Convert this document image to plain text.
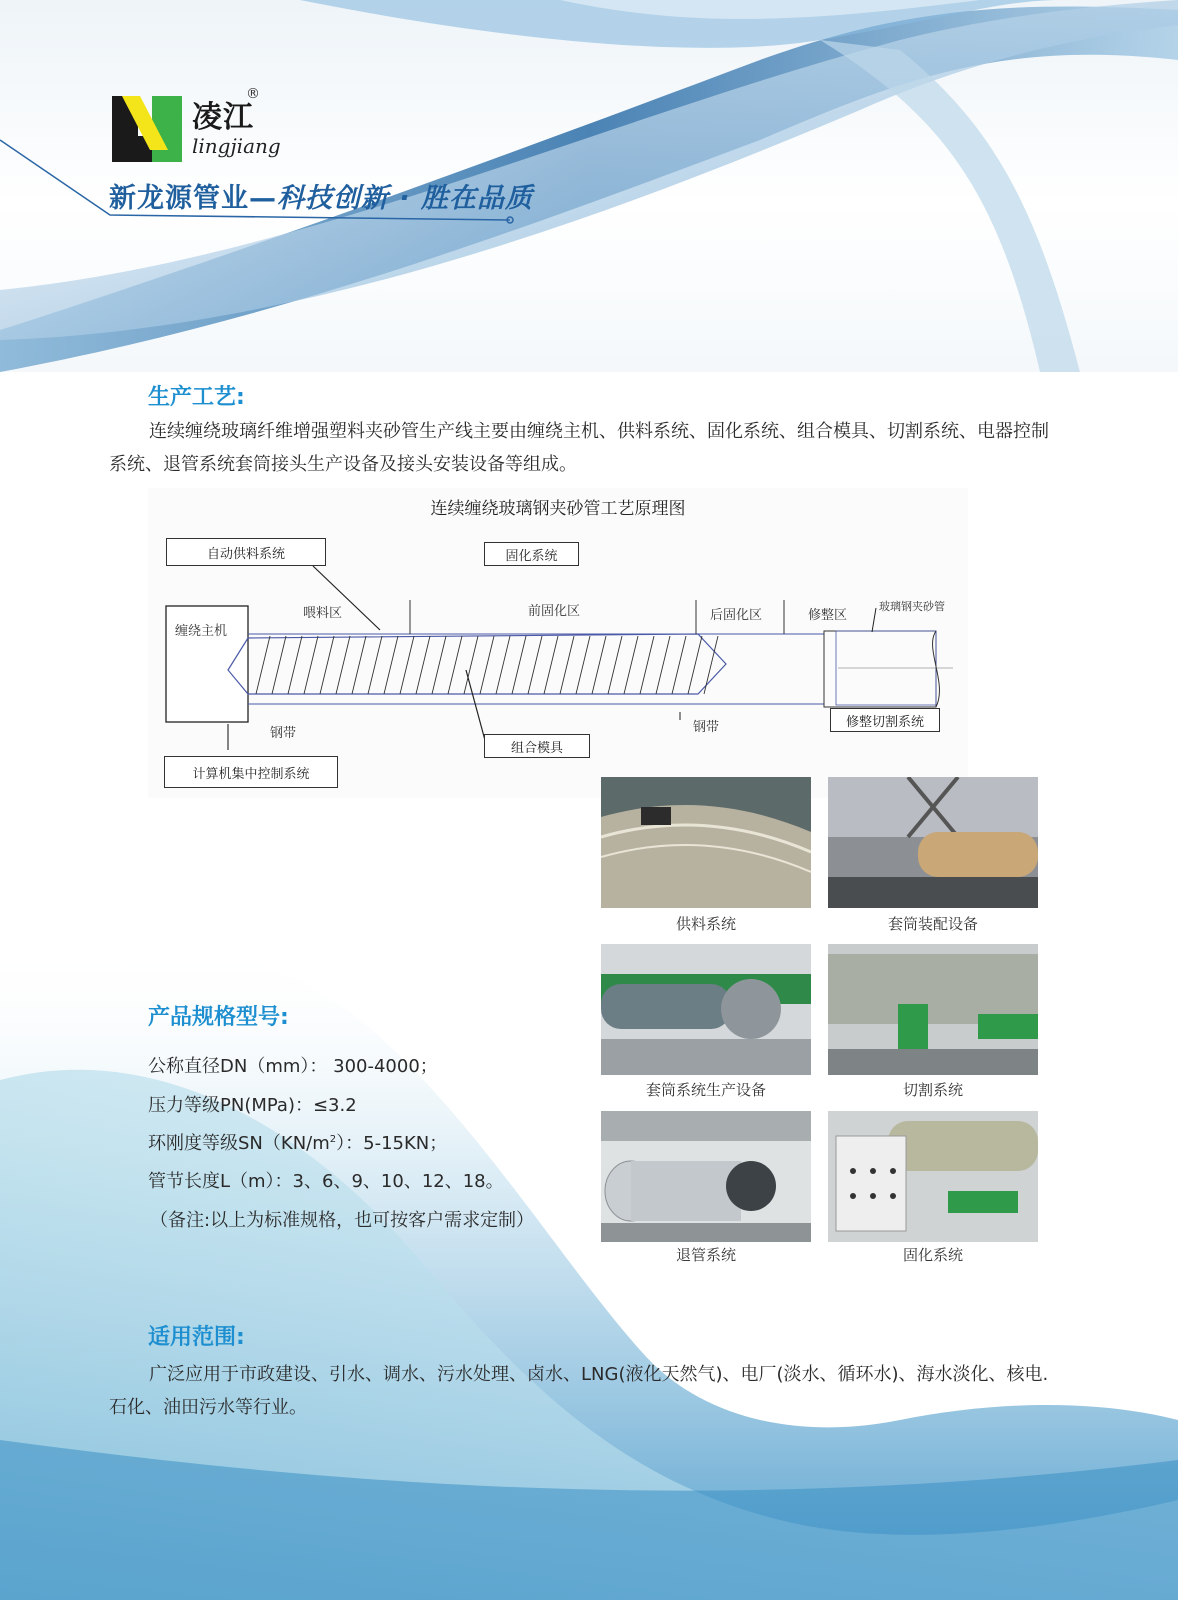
凌江
®
lingjiang
新龙源管业—科技创新 · 胜在品质
生产工艺:
连续缠绕玻璃纤维增强塑料夹砂管生产线主要由缠绕主机、供料系统、固化系统、组合模具、切割系统、电器控制系统、退管系统套筒接头生产设备及接头安装设备等组成。
连续缠绕玻璃钢夹砂管工艺原理图
自动供料系统	固化系统
喂料区	前固化区	后固化区	修整区
玻璃钢夹砂管
缠绕主机
钢带	钢带
组合模具
修整切割系统
计算机集中控制系统
供料系统	套筒装配设备
套筒系统生产设备	切割系统
退管系统	固化系统
产品规格型号:
公称直径DN（mm）： 300-4000；
压力等级PN(MPa)：≤3.2
环刚度等级$SN(KN/m^2)$：5-15KN；
管节长度L（m）：3、6、9、10、12、18。
（备注:以上为标准规格，也可按客户需求定制）
适用范围:
广泛应用于市政建设、引水、调水、污水处理、卤水、LNG(液化天然气)、电厂(淡水、循环水)、海水淡化、核电.石化、油田污水等行业。
